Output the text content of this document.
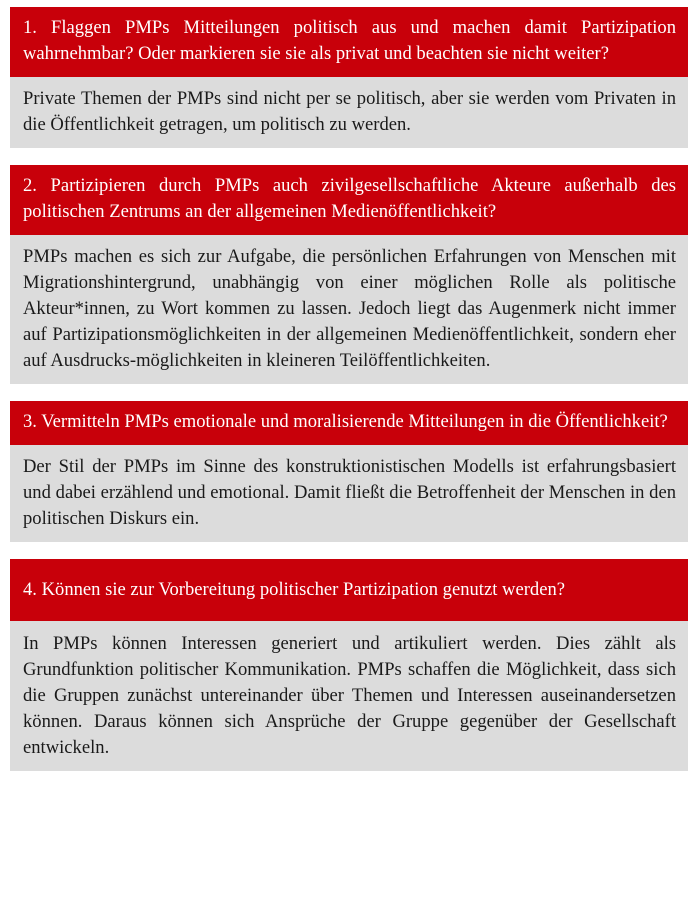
1. Flaggen PMPs Mitteilungen politisch aus und machen damit Partizipation wahrnehmbar? Oder markieren sie sie als privat und beachten sie nicht weiter?
Private Themen der PMPs sind nicht per se politisch, aber sie werden vom Privaten in die Öffentlichkeit getragen, um politisch zu werden.
2. Partizipieren durch PMPs auch zivilgesellschaftliche Akteure außerhalb des politischen Zentrums an der allgemeinen Medienöffentlichkeit?
PMPs machen es sich zur Aufgabe, die persönlichen Erfahrungen von Menschen mit Migrationshintergrund, unabhängig von einer möglichen Rolle als politische Akteur*innen, zu Wort kommen zu lassen. Jedoch liegt das Augenmerk nicht immer auf Partizipationsmöglichkeiten in der allgemeinen Medienöffentlichkeit, sondern eher auf Ausdrucks-möglichkeiten in kleineren Teilöffentlichkeiten.
3. Vermitteln PMPs emotionale und moralisierende Mitteilungen in die Öffentlichkeit?
Der Stil der PMPs im Sinne des konstruktionistischen Modells ist erfahrungsbasiert und dabei erzählend und emotional. Damit fließt die Betroffenheit der Menschen in den politischen Diskurs ein.
4. Können sie zur Vorbereitung politischer Partizipation genutzt werden?
In PMPs können Interessen generiert und artikuliert werden. Dies zählt als Grundfunktion politischer Kommunikation. PMPs schaffen die Möglichkeit, dass sich die Gruppen zunächst untereinander über Themen und Interessen auseinandersetzen können. Daraus können sich Ansprüche der Gruppe gegenüber der Gesellschaft entwickeln.
